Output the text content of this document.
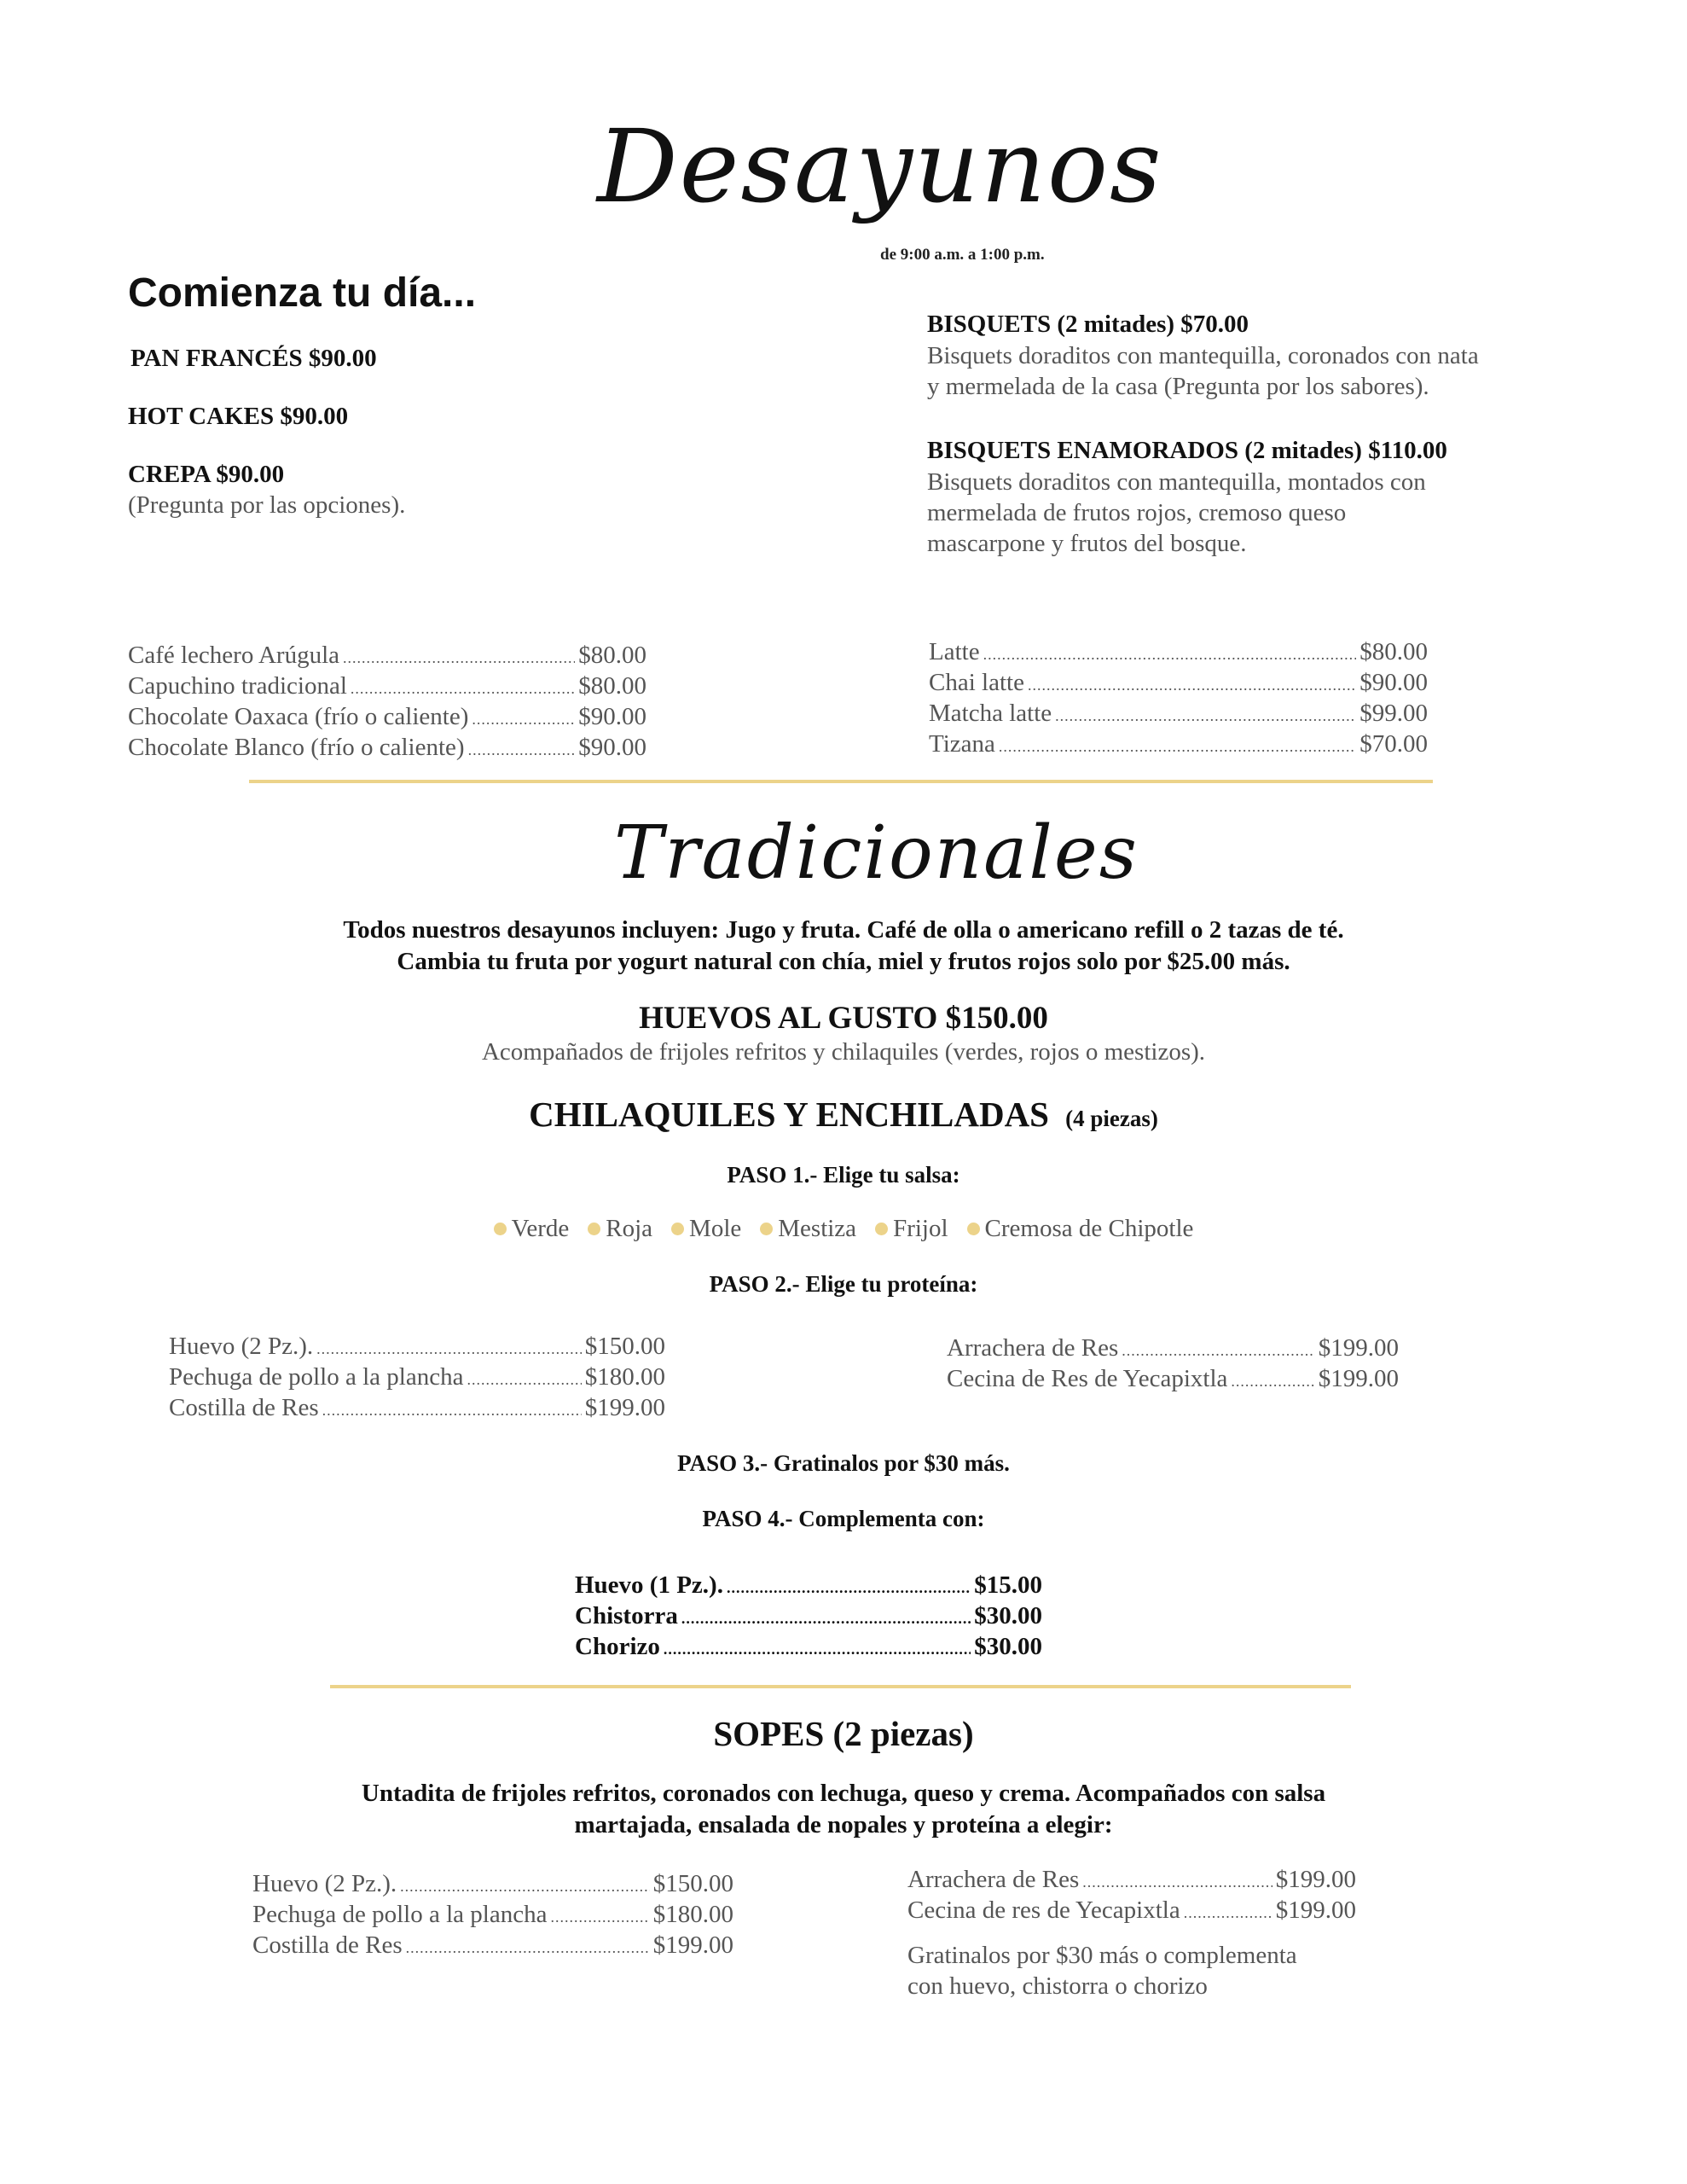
Desayunos
de 9:00 a.m. a 1:00 p.m.
Comienza tu día...
PAN FRANCÉS $90.00
HOT CAKES $90.00
CREPA $90.00
(Pregunta por las opciones).
BISQUETS (2 mitades) $70.00
Bisquets doraditos con mantequilla, coronados con nata
y mermelada de la casa (Pregunta por los sabores).
BISQUETS ENAMORADOS (2 mitades) $110.00
Bisquets doraditos con mantequilla, montados con
mermelada de frutos rojos, cremoso queso
mascarpone y frutos del bosque.
Café lechero Arúgula .....	$80.00
Capuchino tradicional .....	$80.00
Chocolate Oaxaca (frío o caliente) .....	$90.00
Chocolate Blanco (frío o caliente) .....	$90.00
Latte .....	$80.00
Chai latte .....	$90.00
Matcha latte .....	$99.00
Tizana .....	$70.00
Tradicionales
Todos nuestros desayunos incluyen: Jugo y fruta. Café de olla o americano refill o 2 tazas de té.
Cambia tu fruta por yogurt natural con chía, miel y frutos rojos solo por $25.00 más.
HUEVOS AL GUSTO $150.00
Acompañados de frijoles refritos y chilaquiles (verdes, rojos o mestizos).
CHILAQUILES Y ENCHILADAS (4 piezas)
PASO 1.- Elige tu salsa:
Verde Roja Mole Mestiza Frijol Cremosa de Chipotle
PASO 2.- Elige tu proteína:
Huevo (2 Pz.). .....	$150.00
Pechuga de pollo a la plancha .....	$180.00
Costilla de Res .....	$199.00
Arrachera de Res .....	$199.00
Cecina de Res de Yecapixtla .....	$199.00
PASO 3.- Gratinalos por $30 más.
PASO 4.- Complementa con:
Huevo (1 Pz.). .....	$15.00
Chistorra .....	$30.00
Chorizo .....	$30.00
SOPES (2 piezas)
Untadita de frijoles refritos, coronados con lechuga, queso y crema. Acompañados con salsa
martajada, ensalada de nopales y proteína a elegir:
Huevo (2 Pz.). .....	$150.00
Pechuga de pollo a la plancha .....	$180.00
Costilla de Res .....	$199.00
Arrachera de Res .....	$199.00
Cecina de res de Yecapixtla .....	$199.00
Gratinalos por $30 más o complementa
con huevo, chistorra o chorizo
